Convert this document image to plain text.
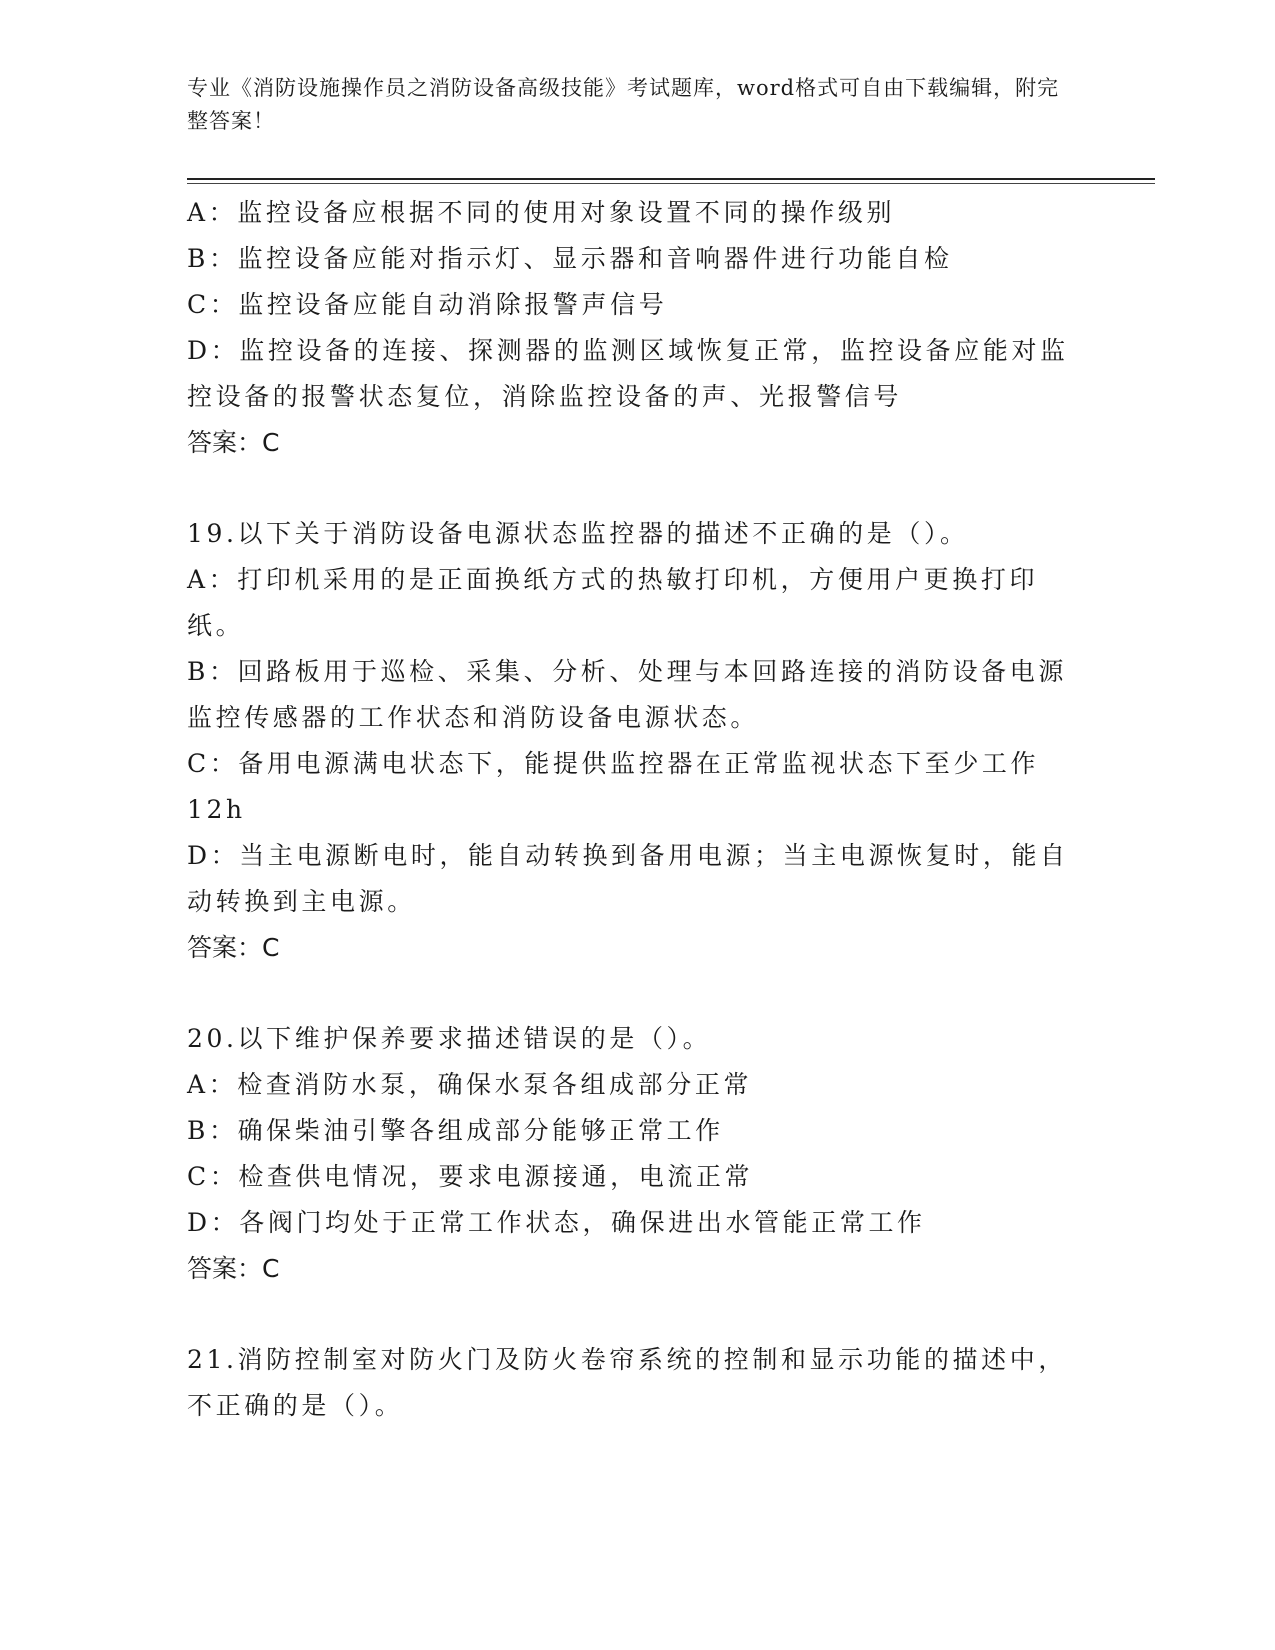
专业《消防设施操作员之消防设备高级技能》考试题库，word格式可自由下载编辑，附完整答案！

A：监控设备应根据不同的使用对象设置不同的操作级别

B：监控设备应能对指示灯、显示器和音响器件进行功能自检

C：监控设备应能自动消除报警声信号

D：监控设备的连接、探测器的监测区域恢复正常，监控设备应能对监控设备的报警状态复位，消除监控设备的声、光报警信号

答案：C

19.以下关于消防设备电源状态监控器的描述不正确的是（）。

A：打印机采用的是正面换纸方式的热敏打印机，方便用户更换打印纸。

B：回路板用于巡检、采集、分析、处理与本回路连接的消防设备电源监控传感器的工作状态和消防设备电源状态。

C：备用电源满电状态下，能提供监控器在正常监视状态下至少工作12h

D：当主电源断电时，能自动转换到备用电源；当主电源恢复时，能自动转换到主电源。

答案：C

20.以下维护保养要求描述错误的是（）。

A：检查消防水泵，确保水泵各组成部分正常

B：确保柴油引擎各组成部分能够正常工作

C：检查供电情况，要求电源接通，电流正常

D：各阀门均处于正常工作状态，确保进出水管能正常工作

答案：C

21.消防控制室对防火门及防火卷帘系统的控制和显示功能的描述中，不正确的是（）。
